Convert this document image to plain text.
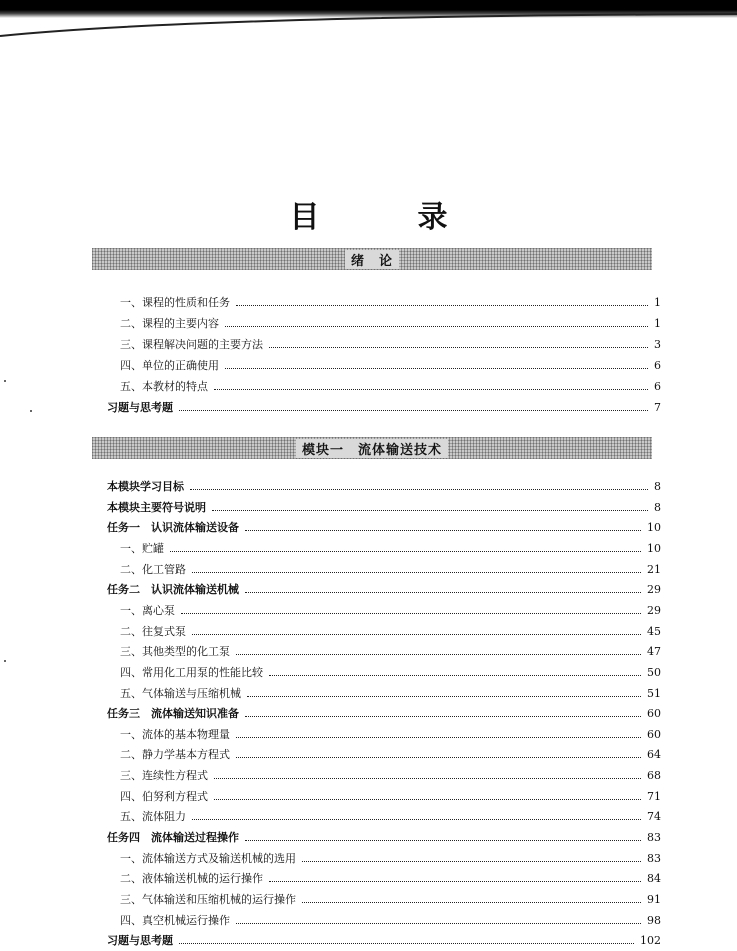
目　录
绪　论
模块一　流体输送技术
一、课程的性质和任务	1
二、课程的主要内容	1
三、课程解决问题的主要方法	3
四、单位的正确使用	6
五、本教材的特点	6
习题与思考题	7
本模块学习目标	8
本模块主要符号说明	8
任务一　认识流体输送设备	10
一、贮罐	10
二、化工管路	21
任务二　认识流体输送机械	29
一、离心泵	29
二、往复式泵	45
三、其他类型的化工泵	47
四、常用化工用泵的性能比较	50
五、气体输送与压缩机械	51
任务三　流体输送知识准备	60
一、流体的基本物理量	60
二、静力学基本方程式	64
三、连续性方程式	68
四、伯努利方程式	71
五、流体阻力	74
任务四　流体输送过程操作	83
一、流体输送方式及输送机械的选用	83
二、液体输送机械的运行操作	84
三、气体输送和压缩机械的运行操作	91
四、真空机械运行操作	98
习题与思考题	102
